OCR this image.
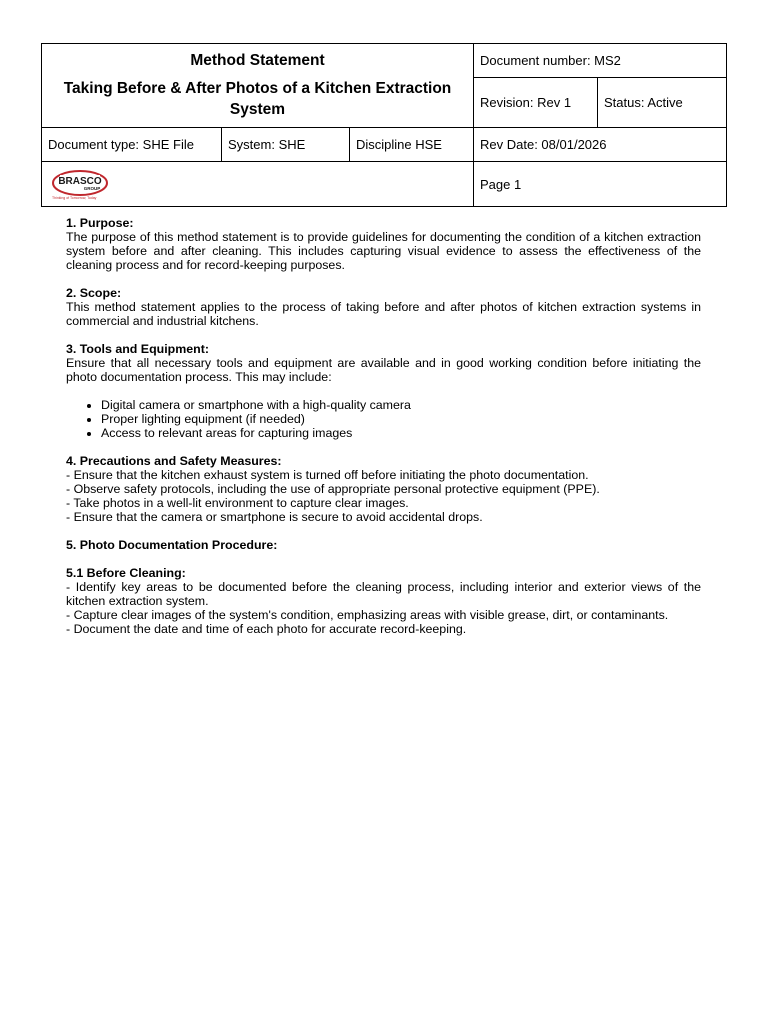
Method Statement
Taking Before & After Photos of a Kitchen Extraction System			Document number: MS2	
			Revision: Rev 1	Status: Active
Document type: SHE File	System: SHE	Discipline HSE	Rev Date: 08/01/2026	

BRASCO
GROUP
Thinking of Tomorrow, Today			Page 1	
1. Purpose:

The purpose of this method statement is to provide guidelines for documenting the condition of a kitchen extraction system before and after cleaning. This includes capturing visual evidence to assess the effectiveness of the cleaning process and for record-keeping purposes.

2. Scope:

This method statement applies to the process of taking before and after photos of kitchen extraction systems in commercial and industrial kitchens.

3. Tools and Equipment:

Ensure that all necessary tools and equipment are available and in good working condition before initiating the photo documentation process. This may include:

• Digital camera or smartphone with a high-quality camera
• Proper lighting equipment (if needed)
• Access to relevant areas for capturing images
4. Precautions and Safety Measures:
- Ensure that the kitchen exhaust system is turned off before initiating the photo documentation.
- Observe safety protocols, including the use of appropriate personal protective equipment (PPE).
- Take photos in a well-lit environment to capture clear images.
- Ensure that the camera or smartphone is secure to avoid accidental drops.
5. Photo Documentation Procedure:
5.1 Before Cleaning:
- Identify key areas to be documented before the cleaning process, including interior and exterior views of the kitchen extraction system.
- Capture clear images of the system's condition, emphasizing areas with visible grease, dirt, or contaminants.
- Document the date and time of each photo for accurate record-keeping.
